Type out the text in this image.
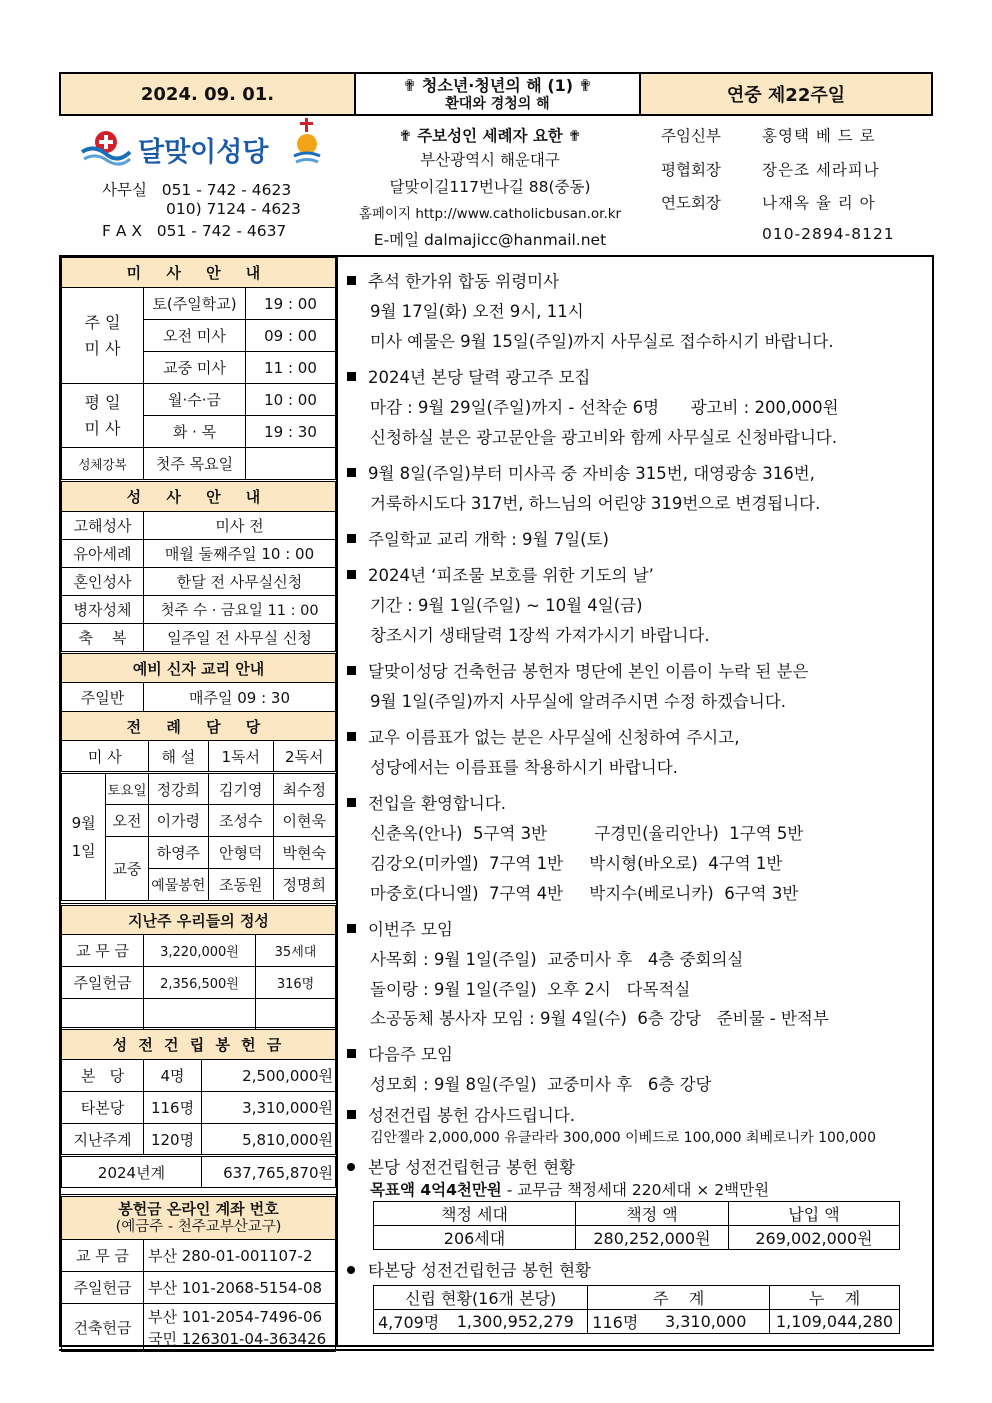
2024. 09. 01.	✟ 청소년·청년의 해 (1) ✟
환대와 경청의 해	연중 제22주일
달맞이성당
사무실 051 - 742 - 4623
010) 7124 - 4623
F A X 051 - 742 - 4637
✟ 주보성인 세례자 요한 ✟
부산광역시 해운대구
달맞이길117번나길 88(중동)
홈페이지 http://www.catholicbusan.or.kr
E-메일 dalmajicc@hanmail.net
주임신부	홍영택 베 드 로
평협회장	장은조 세라피나
연도회장	나재옥 율 리 아
010-2894-8121
미 사 안 내		
주 일
미 사	토(주일학교)	19 : 00
	오전 미사	09 : 00
	교중 미사	11 : 00
평 일
미 사	월·수·금	10 : 00
	화 · 목	19 : 30
성체강복	첫주 목요일	
성 사 안 내	
고해성사	미사 전
유아세례	매월 둘째주일 10 : 00
혼인성사	한달 전 사무실신청
병자성체	첫주 수 · 금요일 11 : 00
축    복	일주일 전 사무실 신청
예비 신자 교리 안내
주일반	매주일 09 : 30
전 례 담 당				
미 사		해 설	1독서	2독서
9월
1일	토요일	정강희	김기영	최수정
	오전	이가령	조성수	이현욱
	교중	하영주	안형덕	박현숙
		예물봉헌	조동원	정명희
지난주 우리들의 정성		
교 무 금	3,220,000원	35세대
주일헌금	2,356,500원	316명

성 전 건 립 봉 헌 금		
본   당	4명	2,500,000원
타본당	116명	3,310,000원
지난주계	120명	5,810,000원
2024년계		637,765,870원
봉헌금 온라인 계좌 번호
(예금주 - 천주교부산교구)	

교 무 금	부산 280-01-001107-2
주일헌금	부산 101-2068-5154-08
건축헌금	부산 101-2054-7496-06
국민 126301-04-363426
추석 한가위 합동 위령미사
9월 17일(화) 오전 9시, 11시
미사 예물은 9월 15일(주일)까지 사무실로 접수하시기 바랍니다.
2024년 본당 달력 광고주 모집
마감 : 9월 29일(주일)까지 - 선착순 6명      광고비 : 200,000원
신청하실 분은 광고문안을 광고비와 함께 사무실로 신청바랍니다.
9월 8일(주일)부터 미사곡 중 자비송 315번, 대영광송 316번,
거룩하시도다 317번, 하느님의 어린양 319번으로 변경됩니다.
주일학교 교리 개학 : 9월 7일(토)
2024년 ‘피조물 보호를 위한 기도의 날’
기간 : 9월 1일(주일) ~ 10월 4일(금)
창조시기 생태달력 1장씩 가져가시기 바랍니다.
달맞이성당 건축헌금 봉헌자 명단에 본인 이름이 누락 된 분은
9월 1일(주일)까지 사무실에 알려주시면 수정 하겠습니다.
교우 이름표가 없는 분은 사무실에 신청하여 주시고,
성당에서는 이름표를 착용하시기 바랍니다.
전입을 환영합니다.
신춘옥(안나)  5구역 3반         구경민(율리안나)  1구역 5반
김강오(미카엘)  7구역 1반     박시형(바오로)  4구역 1반
마중호(다니엘)  7구역 4반     박지수(베로니카)  6구역 3반
이번주 모임
사목회 : 9월 1일(주일)  교중미사 후   4층 중회의실
돌이랑 : 9월 1일(주일)  오후 2시   다목적실
소공동체 봉사자 모임 : 9월 4일(수)  6층 강당   준비물 - 반적부
다음주 모임
성모회 : 9월 8일(주일)  교중미사 후   6층 강당
성전건립 봉헌 감사드립니다.
김안젤라 2,000,000 유클라라 300,000 이베드로 100,000 최베로니카 100,000
본당 성전건립헌금 봉헌 현황
목표액 4억4천만원 - 교무금 책정세대 220세대 × 2백만원
책정 세대	책정 액	납입 액
206세대	280,252,000원	269,002,000원
타본당 성전건립헌금 봉헌 현황
신립 현황(16개 본당)		주    계		누    계
4,709명	1,300,952,279	116명	3,310,000	1,109,044,280
